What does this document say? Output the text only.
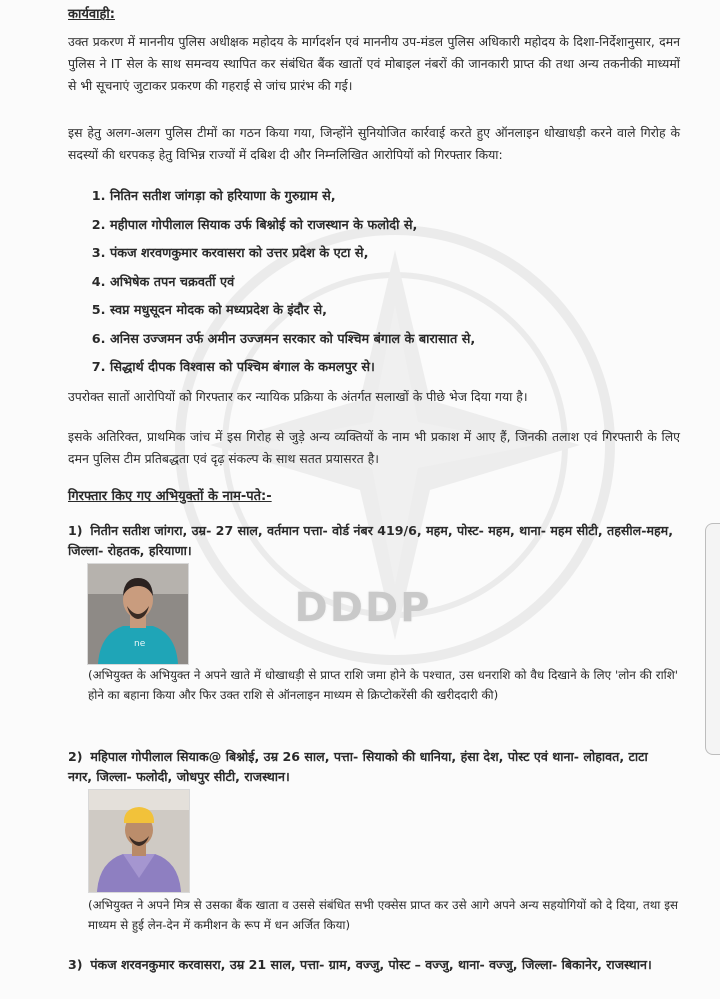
DDDP
कार्यवाही:
उक्त प्रकरण में माननीय पुलिस अधीक्षक महोदय के मार्गदर्शन एवं माननीय उप-मंडल पुलिस अधिकारी महोदय के दिशा-निर्देशानुसार, दमन पुलिस ने IT सेल के साथ समन्वय स्थापित कर संबंधित बैंक खातों एवं मोबाइल नंबरों की जानकारी प्राप्त की तथा अन्य तकनीकी माध्यमों से भी सूचनाएं जुटाकर प्रकरण की गहराई से जांच प्रारंभ की गई।
इस हेतु अलग-अलग पुलिस टीमों का गठन किया गया, जिन्होंने सुनियोजित कार्रवाई करते हुए ऑनलाइन धोखाधड़ी करने वाले गिरोह के सदस्यों की धरपकड़ हेतु विभिन्न राज्यों में दबिश दी और निम्नलिखित आरोपियों को गिरफ्तार किया:
1. नितिन सतीश जांगड़ा को हरियाणा के गुरुग्राम से,
2. महीपाल गोपीलाल सियाक उर्फ बिश्नोई को राजस्थान के फलोदी से,
3. पंकज शरवणकुमार करवासरा को उत्तर प्रदेश के एटा से,
4. अभिषेक तपन चक्रवर्ती एवं
5. स्वप्न मधुसूदन मोदक को मध्यप्रदेश के इंदौर से,
6. अनिस उज्जमन उर्फ अमीन उज्जमन सरकार को पश्चिम बंगाल के बारासात से,
7. सिद्धार्थ दीपक विश्वास को पश्चिम बंगाल के कमलपुर से।
उपरोक्त सातों आरोपियों को गिरफ्तार कर न्यायिक प्रक्रिया के अंतर्गत सलाखों के पीछे भेज दिया गया है।
इसके अतिरिक्त, प्राथमिक जांच में इस गिरोह से जुड़े अन्य व्यक्तियों के नाम भी प्रकाश में आए हैं, जिनकी तलाश एवं गिरफ्तारी के लिए दमन पुलिस टीम प्रतिबद्धता एवं दृढ़ संकल्प के साथ सतत प्रयासरत है।
गिरफ्तार किए गए अभियुक्तों के नाम-पते:-
1) नितीन सतीश जांगरा, उम्र- 27 साल, वर्तमान पत्ता- वोर्ड नंबर 419/6, महम, पोस्ट- महम, थाना- महम सीटी, तहसील-महम, जिल्ला- रोहतक, हरियाणा।
ne
(अभियुक्त के अभियुक्त ने अपने खाते में धोखाधड़ी से प्राप्त राशि जमा होने के पश्चात, उस धनराशि को वैध दिखाने के लिए 'लोन की राशि' होने का बहाना किया और फिर उक्त राशि से ऑनलाइन माध्यम से क्रिप्टोकरेंसी की खरीददारी की)
2) महिपाल गोपीलाल सियाक@ बिश्नोई, उम्र 26 साल, पत्ता- सियाको की धानिया, हंसा देश, पोस्ट एवं थाना- लोहावत, टाटा नगर, जिल्ला- फलोदी, जोधपुर सीटी, राजस्थान।
(अभियुक्त ने अपने मित्र से उसका बैंक खाता व उससे संबंधित सभी एक्सेस प्राप्त कर उसे आगे अपने अन्य सहयोगियों को दे दिया, तथा इस माध्यम से हुई लेन-देन में कमीशन के रूप में धन अर्जित किया)
3) पंकज शरवनकुमार करवासरा, उम्र 21 साल, पत्ता- ग्राम, वज्जु, पोस्ट – वज्जु, थाना- वज्जु, जिल्ला- बिकानेर, राजस्थान।
